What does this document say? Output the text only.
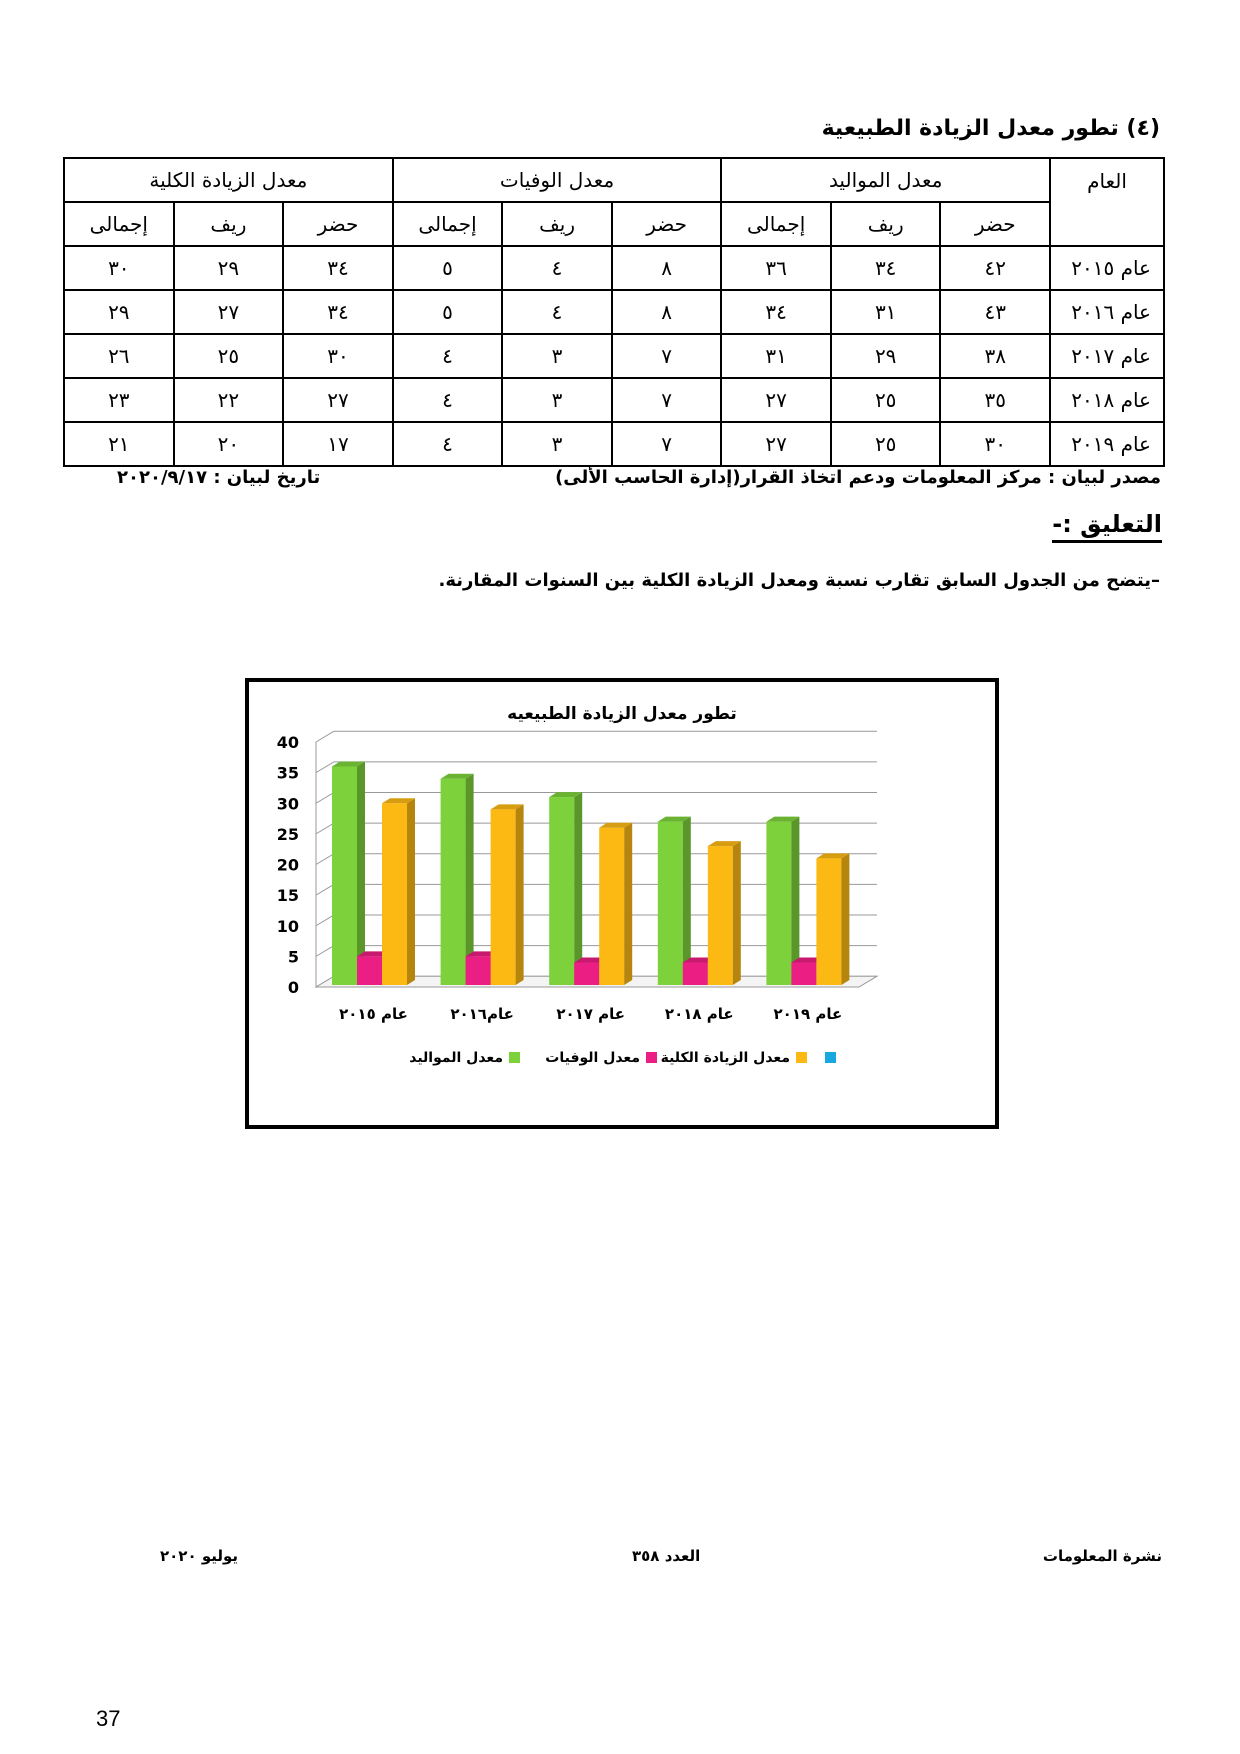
(٤) تطور معدل الزيادة الطبيعية
العام	معدل المواليد			معدل الوفيات			معدل الزيادة الكلية		
	حضر	ريف	إجمالى	حضر	ريف	إجمالى	حضر	ريف	إجمالى
عام ٢٠١٥	٤٢	٣٤	٣٦	٨	٤	٥	٣٤	٢٩	٣٠
عام ٢٠١٦	٤٣	٣١	٣٤	٨	٤	٥	٣٤	٢٧	٢٩
عام ٢٠١٧	٣٨	٢٩	٣١	٧	٣	٤	٣٠	٢٥	٢٦
عام ٢٠١٨	٣٥	٢٥	٢٧	٧	٣	٤	٢٧	٢٢	٢٣
عام ٢٠١٩	٣٠	٢٥	٢٧	٧	٣	٤	١٧	٢٠	٢١
مصدر لبيان : مركز المعلومات ودعم اتخاذ القرار(إدارة الحاسب الألى)
تاريخ لبيان : ٢٠٢٠/٩/١٧
التعليق :-
–يتضح من الجدول السابق تقارب نسبة ومعدل الزيادة الكلية بين السنوات المقارنة.
تطور معدل الزيادة الطبيعيه
0
5
10
15
20
25
30
35
40
عام ٢٠١٥	عام٢٠١٦	عام ٢٠١٧	عام ٢٠١٨	عام ٢٠١٩
معدل المواليد	معدل الوفيات معدل الزيادة الكلية
يوليو ٢٠٢٠	العدد ٣٥٨	نشرة المعلومات
37
